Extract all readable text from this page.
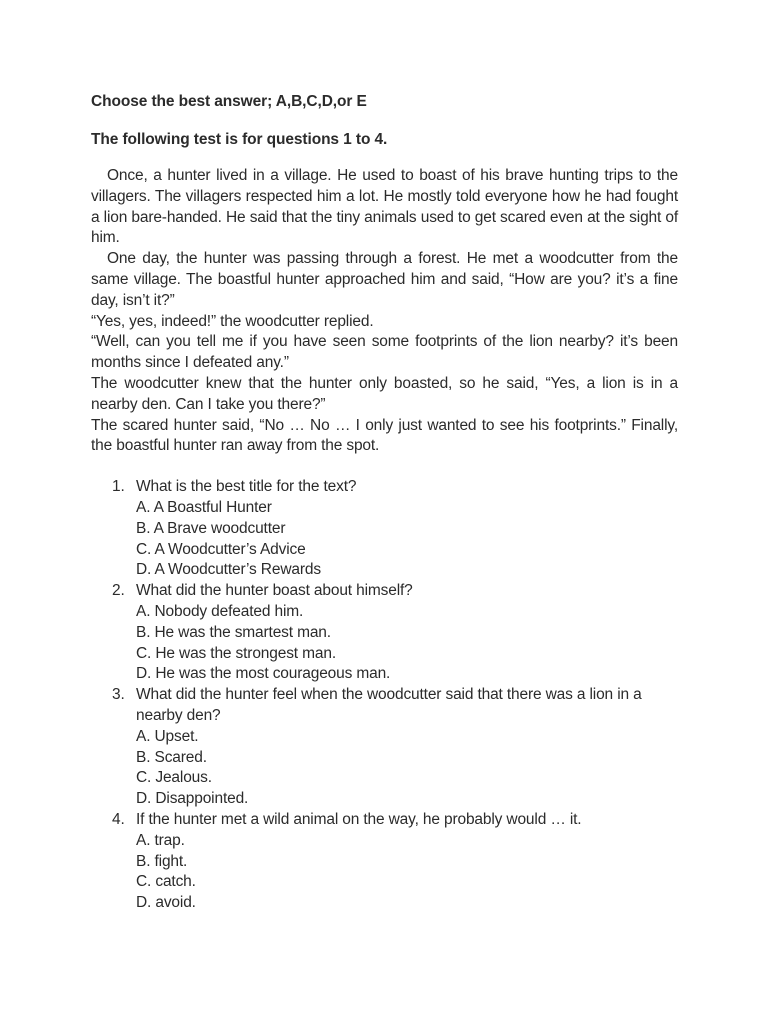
Choose the best answer; A,B,C,D,or E

The following test is for questions 1 to 4.

Once, a hunter lived in a village. He used to boast of his brave hunting trips to the villagers. The villagers respected him a lot. He mostly told everyone how he had fought a lion bare-handed. He said that the tiny animals used to get scared even at the sight of him.

One day, the hunter was passing through a forest. He met a woodcutter from the same village. The boastful hunter approached him and said, “How are you? it’s a fine day, isn’t it?”

“Yes, yes, indeed!” the woodcutter replied.

“Well, can you tell me if you have seen some footprints of the lion nearby? it’s been months since I defeated any.”

The woodcutter knew that the hunter only boasted, so he said, “Yes, a lion is in a nearby den. Can I take you there?”

The scared hunter said, “No … No … I only just wanted to see his footprints.” Finally, the boastful hunter ran away from the spot.

1. What is the best title for the text?
A. A Boastful Hunter
B. A Brave woodcutter
C. A Woodcutter’s Advice
D. A Woodcutter’s Rewards
2. What did the hunter boast about himself?
A. Nobody defeated him.
B. He was the smartest man.
C. He was the strongest man.
D. He was the most courageous man.
3. What did the hunter feel when the woodcutter said that there was a lion in a nearby den?
A. Upset.
B. Scared.
C. Jealous.
D. Disappointed.
4. If the hunter met a wild animal on the way, he probably would … it.
A. trap.
B. fight.
C. catch.
D. avoid.
